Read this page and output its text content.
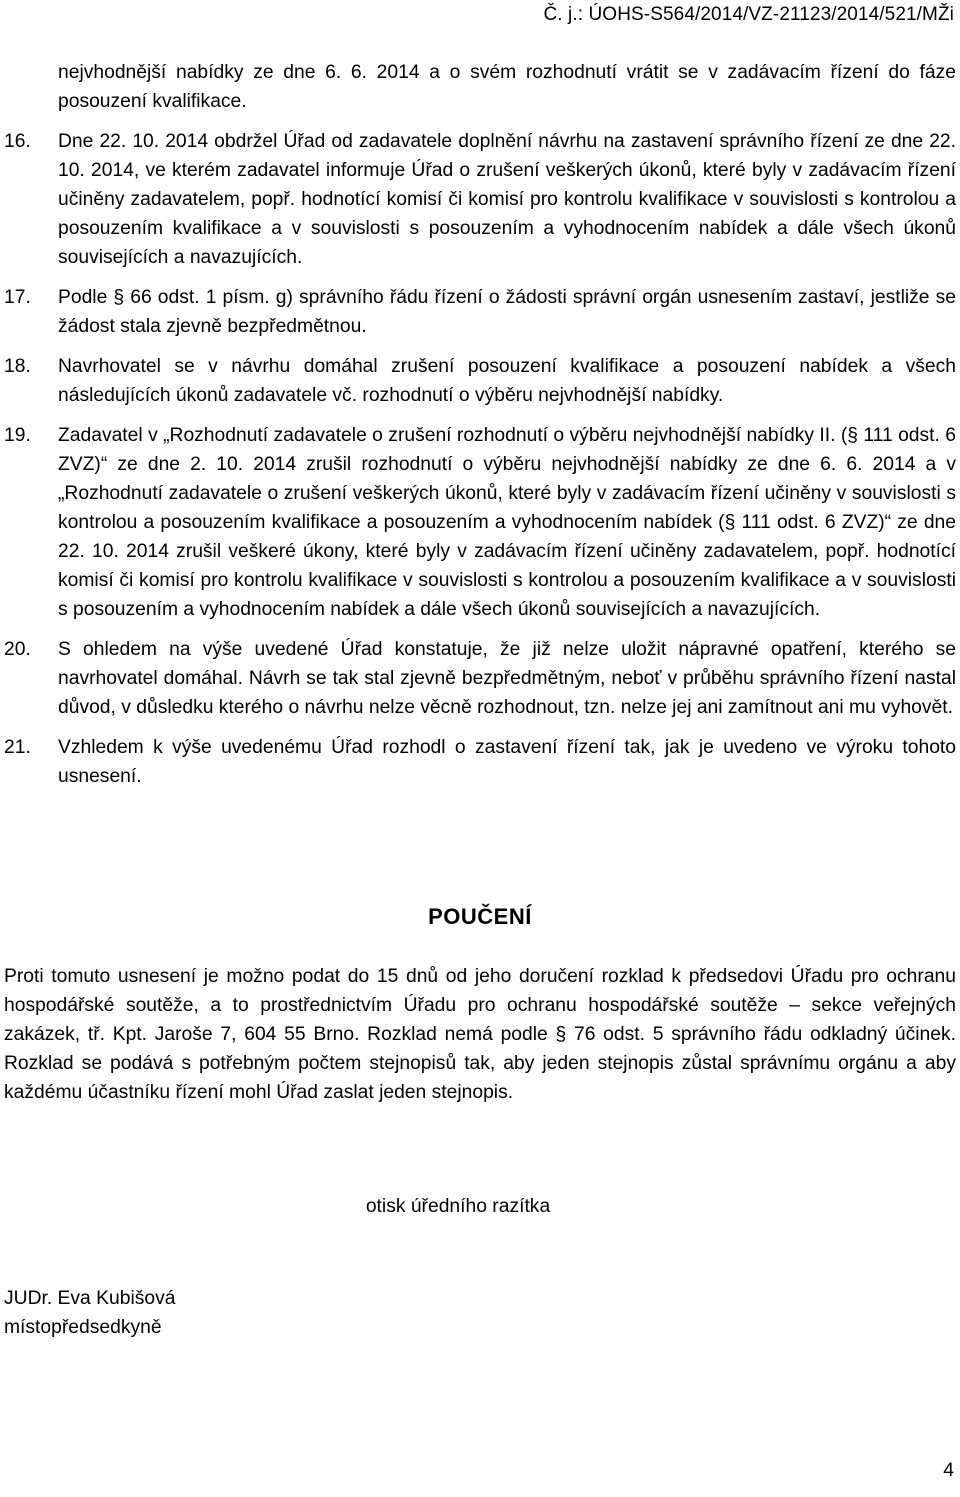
Č. j.: ÚOHS-S564/2014/VZ-21123/2014/521/MŽi
nejvhodnější nabídky ze dne 6. 6. 2014 a o svém rozhodnutí vrátit se v zadávacím řízení do fáze posouzení kvalifikace.
16.	Dne 22. 10. 2014 obdržel Úřad od zadavatele doplnění návrhu na zastavení správního řízení ze dne 22. 10. 2014, ve kterém zadavatel informuje Úřad o zrušení veškerých úkonů, které byly v zadávacím řízení učiněny zadavatelem, popř. hodnotící komisí či komisí pro kontrolu kvalifikace v souvislosti s kontrolou a posouzením kvalifikace a v souvislosti s posouzením a vyhodnocením nabídek a dále všech úkonů souvisejících a navazujících.
17.	Podle § 66 odst. 1 písm. g) správního řádu řízení o žádosti správní orgán usnesením zastaví, jestliže se žádost stala zjevně bezpředmětnou.
18.	Navrhovatel se v návrhu domáhal zrušení posouzení kvalifikace a posouzení nabídek a všech následujících úkonů zadavatele vč. rozhodnutí o výběru nejvhodnější nabídky.
19.	Zadavatel v „Rozhodnutí zadavatele o zrušení rozhodnutí o výběru nejvhodnější nabídky II. (§ 111 odst. 6 ZVZ)“ ze dne 2. 10. 2014 zrušil rozhodnutí o výběru nejvhodnější nabídky ze dne 6. 6. 2014 a v „Rozhodnutí zadavatele o zrušení veškerých úkonů, které byly v zadávacím řízení učiněny v souvislosti s kontrolou a posouzením kvalifikace a posouzením a vyhodnocením nabídek (§ 111 odst. 6 ZVZ)“ ze dne 22. 10. 2014 zrušil veškeré úkony, které byly v zadávacím řízení učiněny zadavatelem, popř. hodnotící komisí či komisí pro kontrolu kvalifikace v souvislosti s kontrolou a posouzením kvalifikace a v souvislosti s posouzením a vyhodnocením nabídek a dále všech úkonů souvisejících a navazujících.
20.	S ohledem na výše uvedené Úřad konstatuje, že již nelze uložit nápravné opatření, kterého se navrhovatel domáhal. Návrh se tak stal zjevně bezpředmětným, neboť v průběhu správního řízení nastal důvod, v důsledku kterého o návrhu nelze věcně rozhodnout, tzn. nelze jej ani zamítnout ani mu vyhovět.
21.	Vzhledem k výše uvedenému Úřad rozhodl o zastavení řízení tak, jak je uvedeno ve výroku tohoto usnesení.
POUČENÍ
Proti tomuto usnesení je možno podat do 15 dnů od jeho doručení rozklad k předsedovi Úřadu pro ochranu hospodářské soutěže, a to prostřednictvím Úřadu pro ochranu hospodářské soutěže – sekce veřejných zakázek, tř. Kpt. Jaroše 7, 604 55 Brno. Rozklad nemá podle § 76 odst. 5 správního řádu odkladný účinek. Rozklad se podává s potřebným počtem stejnopisů tak, aby jeden stejnopis zůstal správnímu orgánu a aby každému účastníku řízení mohl Úřad zaslat jeden stejnopis.
otisk úředního razítka
JUDr. Eva Kubišová
místopředsedkyně
4
